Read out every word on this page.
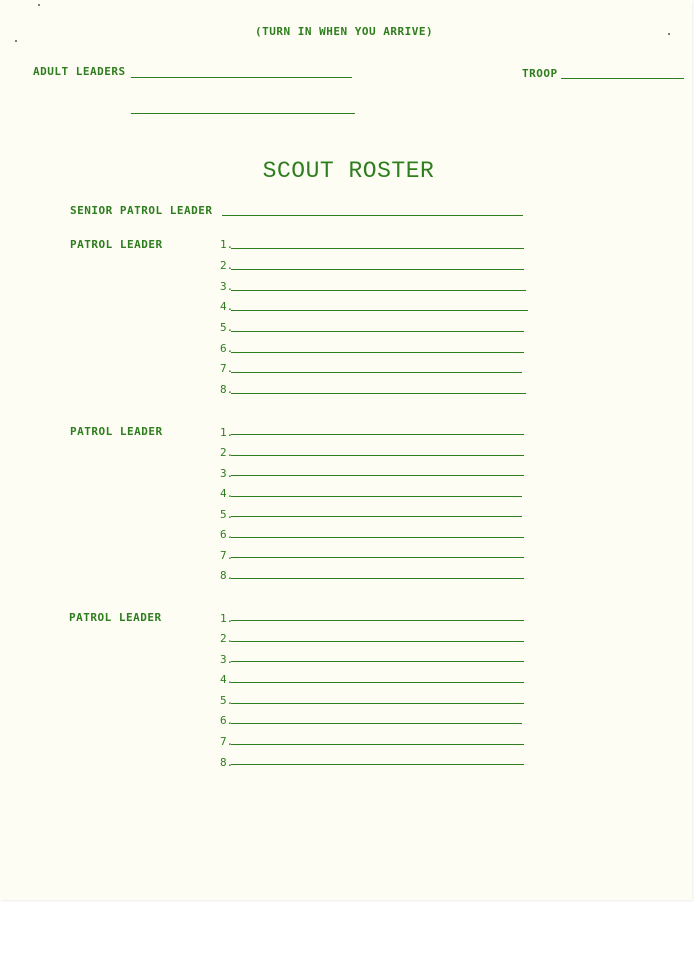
(TURN IN WHEN YOU ARRIVE)
ADULT LEADERS	TROOP
SCOUT ROSTER
SENIOR PATROL LEADER
PATROL LEADER	1.
2.
3.
4.
5.
6.
7.
8.
PATROL LEADER	1.
2.
3.
4.
5.
6.
7.
8.
PATROL LEADER	1.
2.
3.
4.
5.
6.
7.
8.
